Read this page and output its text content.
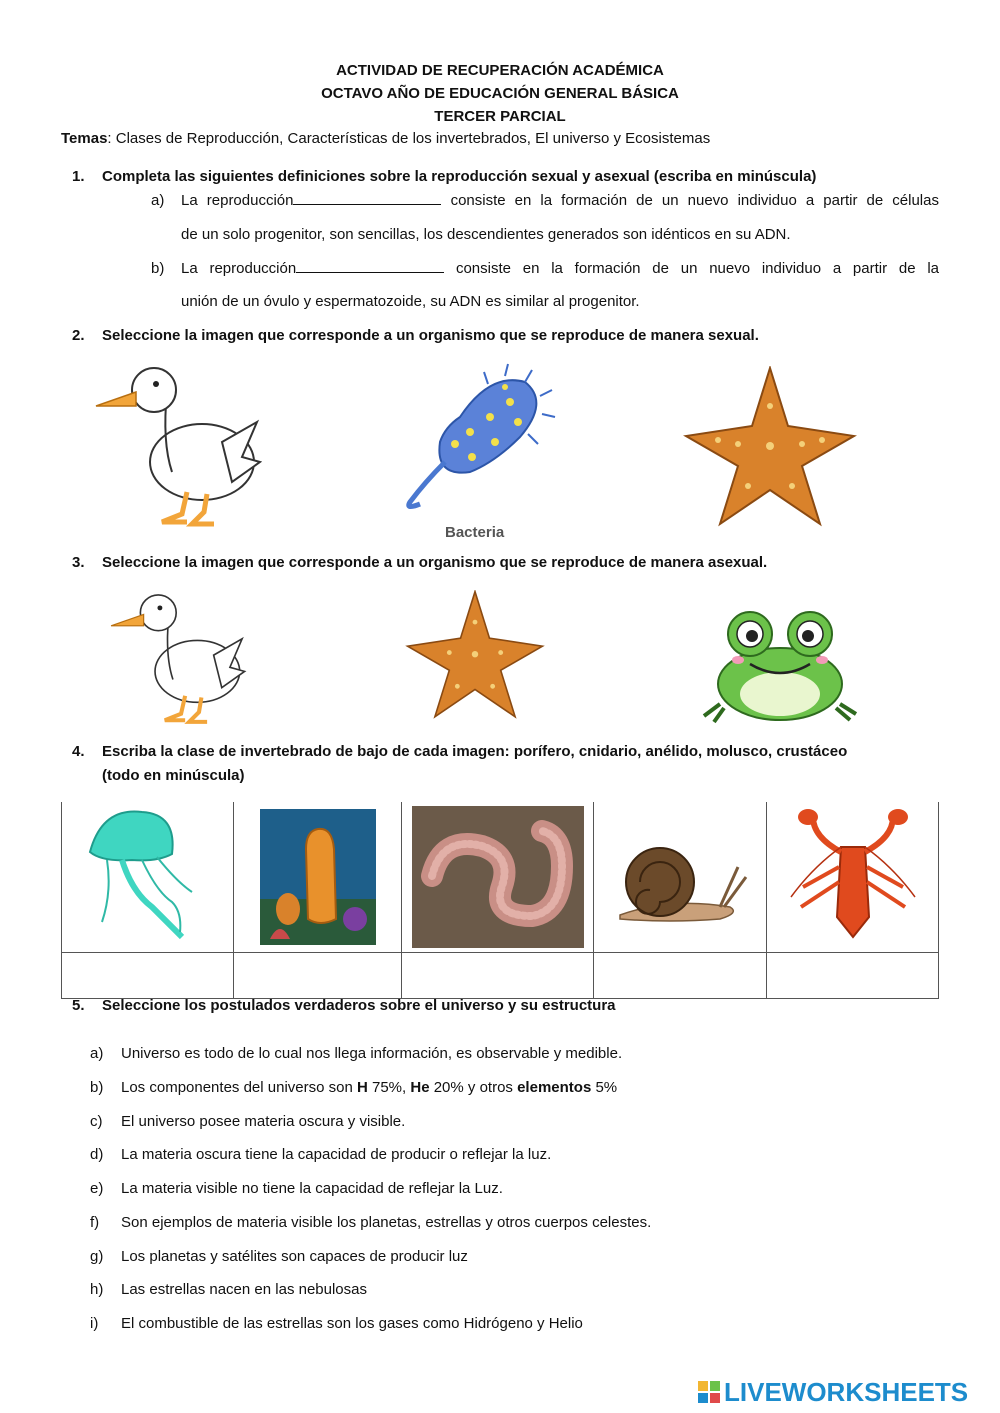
ACTIVIDAD DE RECUPERACIÓN ACADÉMICA
OCTAVO AÑO DE EDUCACIÓN GENERAL BÁSICA
TERCER PARCIAL
Temas: Clases de Reproducción, Características de los invertebrados, El universo y Ecosistemas
1. Completa las siguientes definiciones sobre la reproducción sexual y asexual (escriba en minúscula)
a)	La reproducción	consiste en la formación de un nuevo individuo a partir de células
de un solo progenitor, son sencillas, los descendientes generados son idénticos en su ADN.
b)	La reproducción	consiste en la formación de un nuevo individuo a partir de la
unión de un óvulo y espermatozoide, su ADN es similar al progenitor.
2. Seleccione la imagen que corresponde a un organismo que se reproduce de manera sexual.
Bacteria
3. Seleccione la imagen que corresponde a un organismo que se reproduce de manera asexual.
4. Escriba la clase de invertebrado de bajo de cada imagen: porífero, cnidario, anélido, molusco, crustáceo
(todo en minúscula)

5. Seleccione los postulados verdaderos sobre el universo y su estructura
a) Universo es todo de lo cual nos llega información, es observable y medible.
b) Los componentes del universo son H 75%, He 20% y otros elementos 5%
c) El universo posee materia oscura y visible.
d) La materia oscura tiene la capacidad de producir o reflejar la luz.
e) La materia visible no tiene la capacidad de reflejar la Luz.
f) Son ejemplos de materia visible los planetas, estrellas y otros cuerpos celestes.
g) Los planetas y satélites son capaces de producir luz
h) Las estrellas nacen en las nebulosas
i) El combustible de las estrellas son los gases como Hidrógeno y Helio
LIVEWORKSHEETS
